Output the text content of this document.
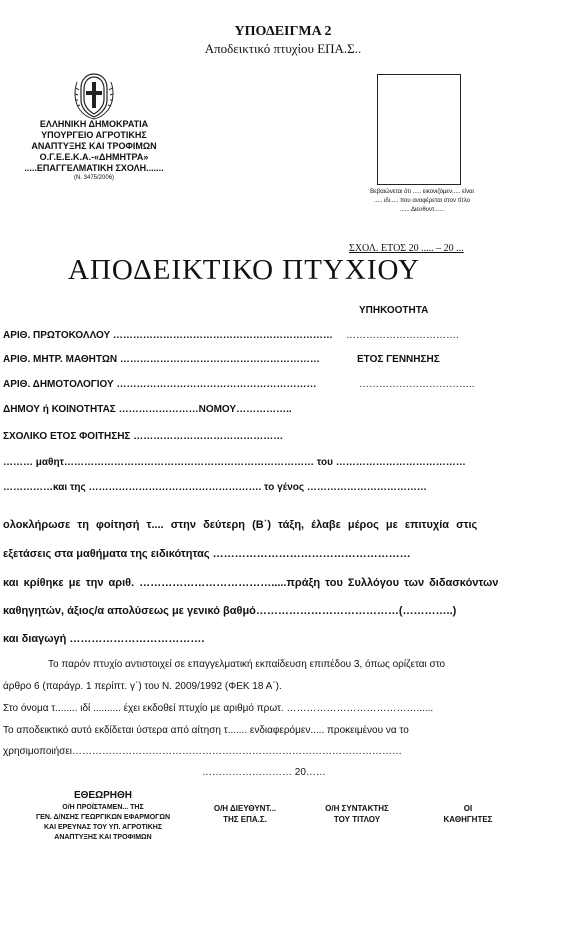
ΥΠΟΔΕΙΓΜΑ 2
Αποδεικτικό πτυχίου ΕΠΑ.Σ..
ΕΛΛΗΝΙΚΗ ΔΗΜΟΚΡΑΤΙΑ
ΥΠΟΥΡΓΕΙΟ ΑΓΡΟΤΙΚΗΣ
ΑΝΑΠΤΥΞΗΣ ΚΑΙ ΤΡΟΦΙΜΩΝ
Ο.Γ.Ε.Ε.Κ.Α.-«ΔΗΜΗΤΡΑ»
.....ΕΠΑΓΓΕΛΜΑΤΙΚΗ ΣΧΟΛΗ.......
(Ν. 3475/2006)
Βεβαιώνεται ότι ..... εικονιζόμεν..... είναι
..... ιδι..... που αναφέρεται στον τίτλο
...... Διευθυντ......
ΣΧΟΛ. ΕΤΟΣ 20 ..... – 20 ...
ΑΠΟΔΕΙΚΤΙΚΟ ΠΤΥΧΙΟΥ
ΥΠΗΚΟΟΤΗΤΑ
ΑΡΙΘ. ΠΡΩΤΟΚΟΛΛΟΥ ………………………………………………………… …………………………….
ΑΡΙΘ. ΜΗΤΡ. ΜΑΘΗΤΩΝ ……………………………………………………	ΕΤΟΣ ΓΕΝΝΗΣΗΣ
ΑΡΙΘ. ΔΗΜΟΤΟΛΟΓΙΟΥ ……………………………………………………	……………………………..
ΔΗΜΟΥ ή ΚΟΙΝΟΤΗΤΑΣ ……………………ΝΟΜΟΥ……………..
ΣΧΟΛΙΚΟ ΕΤΟΣ ΦΟΙΤΗΣΗΣ ………………………………………
……… μαθητ………………………………………………………………… του …………………………………
……………και της ……………………………………………. το γένος ………………………………
ολοκλήρωσε τη φοίτησή τ.... στην δεύτερη (Β΄) τάξη, έλαβε μέρος με επιτυχία στις
εξετάσεις στα μαθήματα της ειδικότητας ………………………………………………
και κρίθηκε με την αριθ. ……………………………….....πράξη του Συλλόγου των διδασκόντων
καθηγητών, άξιος/α απολύσεως με γενικό βαθμό…………………………………(…………..)
και διαγωγή ……………………………….
Το παρόν πτυχίο αντιστοιχεί σε επαγγελματική εκπαίδευση επιπέδου 3, όπως ορίζεται στο
άρθρο 6 (παράγρ. 1 περίπτ. γ΄) του Ν. 2009/1992 (ΦΕΚ 18 Α΄).
Στο όνομα τ........ ιδί .......... έχει εκδοθεί πτυχίο με αριθμό πρωτ. …………………………………......
Το αποδεικτικό αυτό εκδίδεται ύστερα από αίτηση τ....... ενδιαφερόμεν..... προκειμένου να το
χρησιμοποιήσει………………………………………………………………………………………
……………………… 20……
ΕΘΕΩΡΗΘΗ
Ο/Η ΠΡΟΪΣΤΑΜΕΝ... ΤΗΣ
ΓΕΝ. Δ/ΝΣΗΣ ΓΕΩΡΓΙΚΩΝ ΕΦΑΡΜΟΓΩΝ
ΚΑΙ ΕΡΕΥΝΑΣ ΤΟΥ ΥΠ. ΑΓΡΟΤΙΚΗΣ
ΑΝΑΠΤΥΞΗΣ ΚΑΙ ΤΡΟΦΙΜΩΝ
Ο/Η ΔΙΕΥΘΥΝΤ...
ΤΗΣ ΕΠΑ.Σ.
Ο/Η ΣΥΝΤΑΚΤΗΣ
ΤΟΥ ΤΙΤΛΟΥ
ΟΙ
ΚΑΘΗΓΗΤΕΣ
